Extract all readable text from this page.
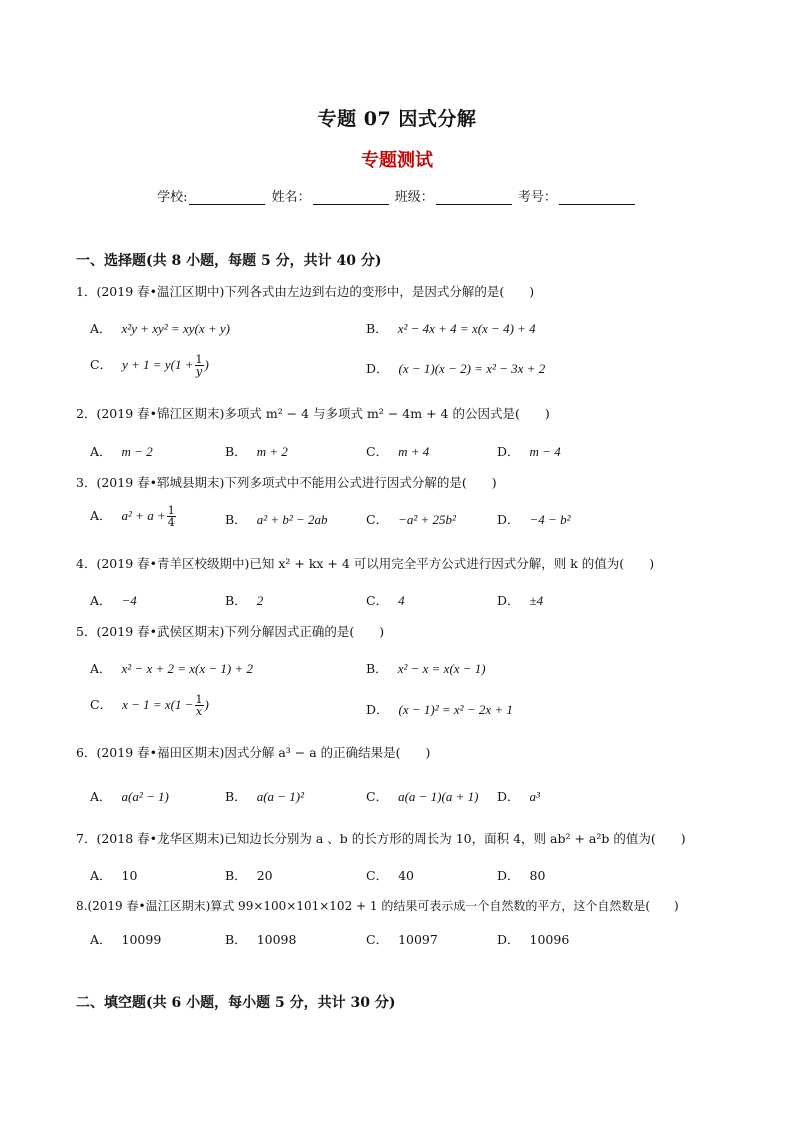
专题 07 因式分解
专题测试
学校:	姓名：	班级：	考号：
一、选择题(共 8 小题，每题 5 分，共计 40 分)
1．(2019 春•温江区期中)下列各式由左边到右边的变形中，是因式分解的是(　　)
A． x²y + xy² = xy(x + y)	B． x² − 4x + 4 = x(x − 4) + 4
C． $y + 1 = y(1 + \frac{1}{y}$ )	D． (x − 1)(x − 2) = x² − 3x + 2
2．(2019 春•锦江区期末)多项式 m² − 4 与多项式 m² − 4m + 4 的公因式是(　　)
A． m − 2	B． m + 2	C． m + 4	D． m − 4
3．(2019 春•郓城县期末)下列多项式中不能用公式进行因式分解的是(　　)
A． $a^2 + a + \frac{1}{4}$	B． a² + b² − 2ab	C． −a² + 25b²	D． −4 − b²
4．(2019 春•青羊区校级期中)已知 x² + kx + 4 可以用完全平方公式进行因式分解，则 k 的值为(　　)
A． −4	B． 2	C． 4	D． ±4
5．(2019 春•武侯区期末)下列分解因式正确的是(　　)
A． x² − x + 2 = x(x − 1) + 2	B． x² − x = x(x − 1)
C． $x - 1 = x(1 - \frac{1}{x}$ )	D． (x − 1)² = x² − 2x + 1
6．(2019 春•福田区期末)因式分解 a³ − a 的正确结果是(　　)
A． a(a² − 1)	B． a(a − 1)²	C． a(a − 1)(a + 1) D． a³
7．(2018 春•龙华区期末)已知边长分别为 a 、b 的长方形的周长为 10，面积 4，则 ab² + a²b 的值为(　　)
A． 10	B． 20	C． 40	D． 80
8.(2019 春•温江区期末)算式 99×100×101×102 + 1 的结果可表示成一个自然数的平方，这个自然数是(　　)
A． 10099	B． 10098	C． 10097	D． 10096
二、填空题(共 6 小题，每小题 5 分，共计 30 分)
